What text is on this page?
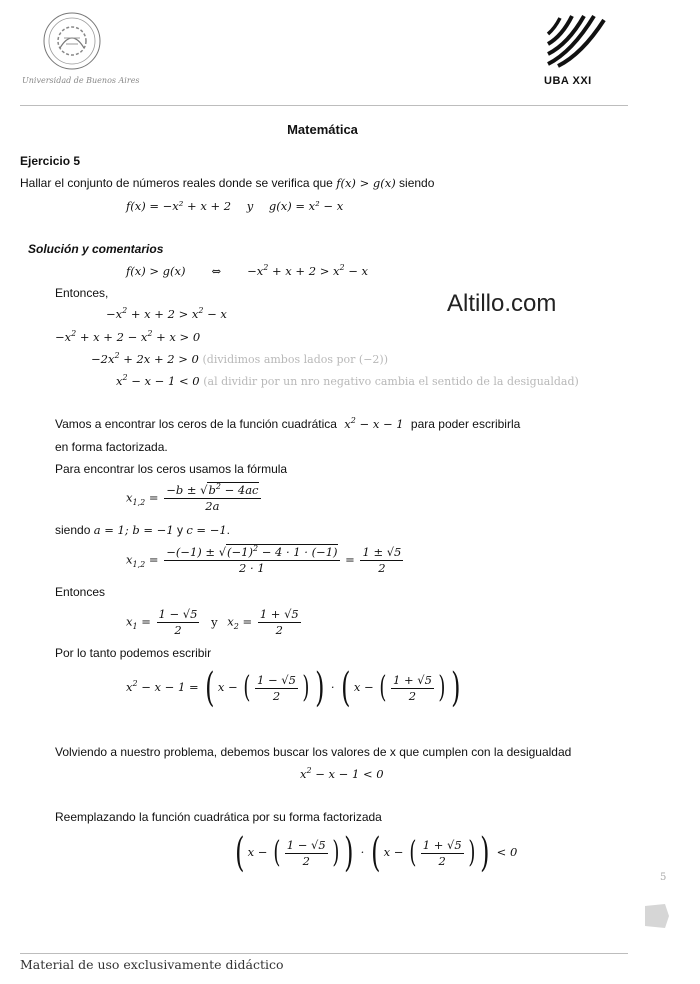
Universidad de Buenos Aires	UBA XXI
Matemática
Ejercicio 5
Hallar el conjunto de números reales donde se verifica que f(x) > g(x) siendo
f(x) = −x² + x + 2 y g(x) = x² − x
Solución y comentarios
f(x) > g(x) ⇔ $-x^2 + x + 2 > x^2 - x$
Entonces,
$-x^2 + x + 2 > x^2 - x$
$-x^2 + x + 2 - x^2 + x > 0$
$-2x^2 + 2x + 2 > 0$ (dividimos ambos lados por (−2))
$x^2 - x - 1 < 0$ (al dividir por un nro negativo cambia el sentido de la desigualdad)
Altillo.com
Vamos a encontrar los ceros de la función cuadrática $x^2 - x - 1$ para poder escribirla
en forma factorizada.
Para encontrar los ceros usamos la fórmula
$x_{1,2} = \frac{-b \pm √b^2 - 4ac}{2a}$
siendo a = 1; b = −1 y c = −1.
$x_{1,2} = \frac{-(-1) \pm √(-1)^2 - 4 \cdot 1 \cdot (-1)}{2 \cdot 1} = \frac{1 \pm √5}{2}$
Entonces
$x_1 = \frac{1 - √5}{2}$ y $x_2 = \frac{1 + √5}{2}$
Por lo tanto podemos escribir
$x^2 - x - 1$ = ( x − ( $\frac{1 - √5}{2}$ ) ) · ( x − ( $\frac{1 + √5}{2}$ ) )
Volviendo a nuestro problema, debemos buscar los valores de x que cumplen con la desigualdad
$x^2 - x - 1 < 0$
Reemplazando la función cuadrática por su forma factorizada
( x − ( $\frac{1 - √5}{2}$ ) ) · ( x − ( $\frac{1 + √5}{2}$ ) ) < 0
5
Material de uso exclusivamente didáctico
